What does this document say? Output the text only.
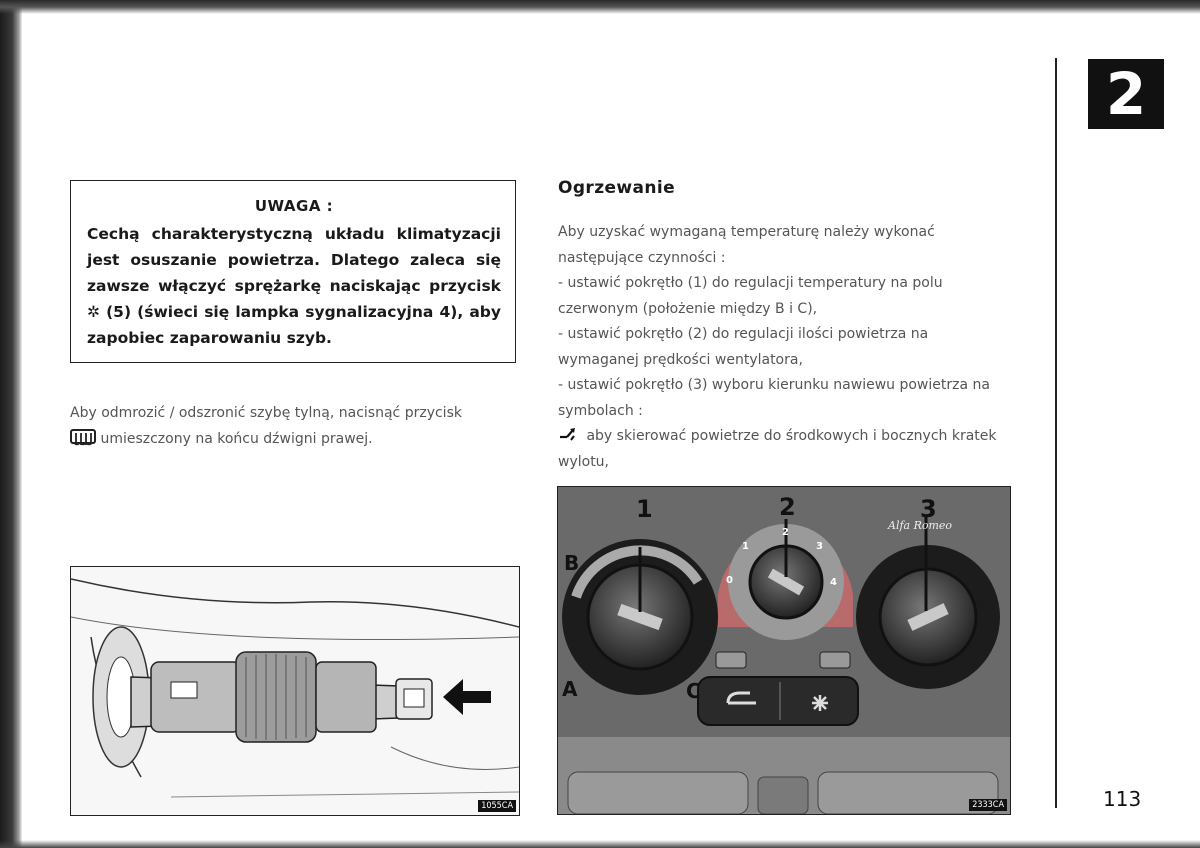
UWAGA :

Cechą charakterystyczną układu klimatyzacji jest osuszanie powietrza. Dlatego zaleca się zawsze włączyć sprężarkę naciskając przycisk ✲ (5) (świeci się lampka sygnalizacyjna 4), aby zapobiec zaparowaniu szyb.

Aby odmrozić / odszronić szybę tylną, nacisnąć przycisk
umieszczony na końcu dźwigni prawej.

1055CA
Ogrzewanie

Aby uzyskać wymaganą temperaturę należy wykonać następujące czynności :

- ustawić pokrętło (1) do regulacji temperatury na polu czerwonym (położenie między B i C),

- ustawić pokrętło (2) do regulacji ilości powietrza na wymaganej prędkości wentylatora,

- ustawić pokrętło (3) wyboru kierunku nawiewu powietrza na symbolach :

aby skierować powietrze do środkowych i bocznych kratek wylotu,

1	2	3
A
B
C
0
1
2
3
4
Alfa Romeo
2333CA
2
113
